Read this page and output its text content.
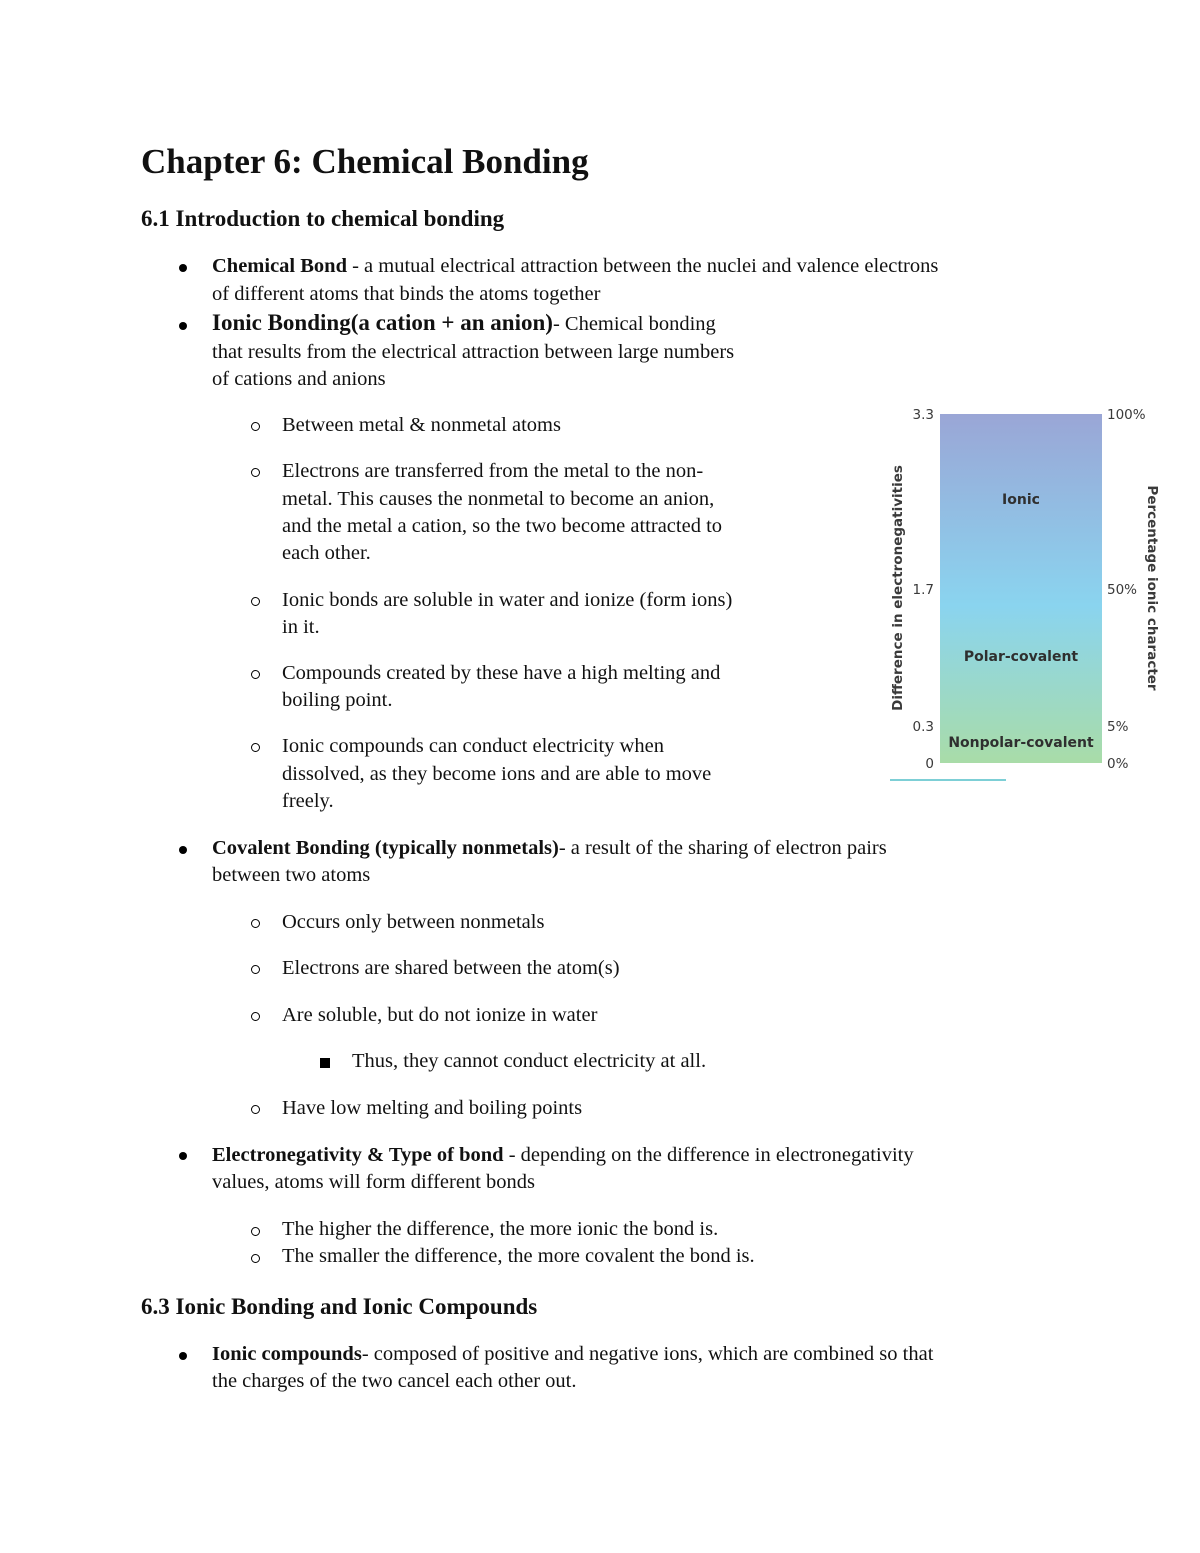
Chapter 6: Chemical Bonding
6.1 Introduction to chemical bonding
Chemical Bond - a mutual electrical attraction between the nuclei and valence electrons
of different atoms that binds the atoms together
Ionic Bonding(a cation + an anion)- Chemical bonding
that results from the electrical attraction between large numbers
of cations and anions
Between metal & nonmetal atoms
Electrons are transferred from the metal to the non-
metal. This causes the nonmetal to become an anion,
and the metal a cation, so the two become attracted to
each other.
Ionic bonds are soluble in water and ionize (form ions)
in it.
Compounds created by these have a high melting and
boiling point.
Ionic compounds can conduct electricity when
dissolved, as they become ions and are able to move
freely.
Covalent Bonding (typically nonmetals)- a result of the sharing of electron pairs
between two atoms
Occurs only between nonmetals
Electrons are shared between the atom(s)
Are soluble, but do not ionize in water
Thus, they cannot conduct electricity at all.
Have low melting and boiling points
Electronegativity & Type of bond - depending on the difference in electronegativity
values, atoms will form different bonds
The higher the difference, the more ionic the bond is.
The smaller the difference, the more covalent the bond is.
6.3 Ionic Bonding and Ionic Compounds
Ionic compounds- composed of positive and negative ions, which are combined so that
the charges of the two cancel each other out.
3.3
1.7
0.3
0
100%
50%
5%
0%
Ionic
Polar-covalent
Nonpolar-covalent
Difference in electronegativities	Percentage ionic character
